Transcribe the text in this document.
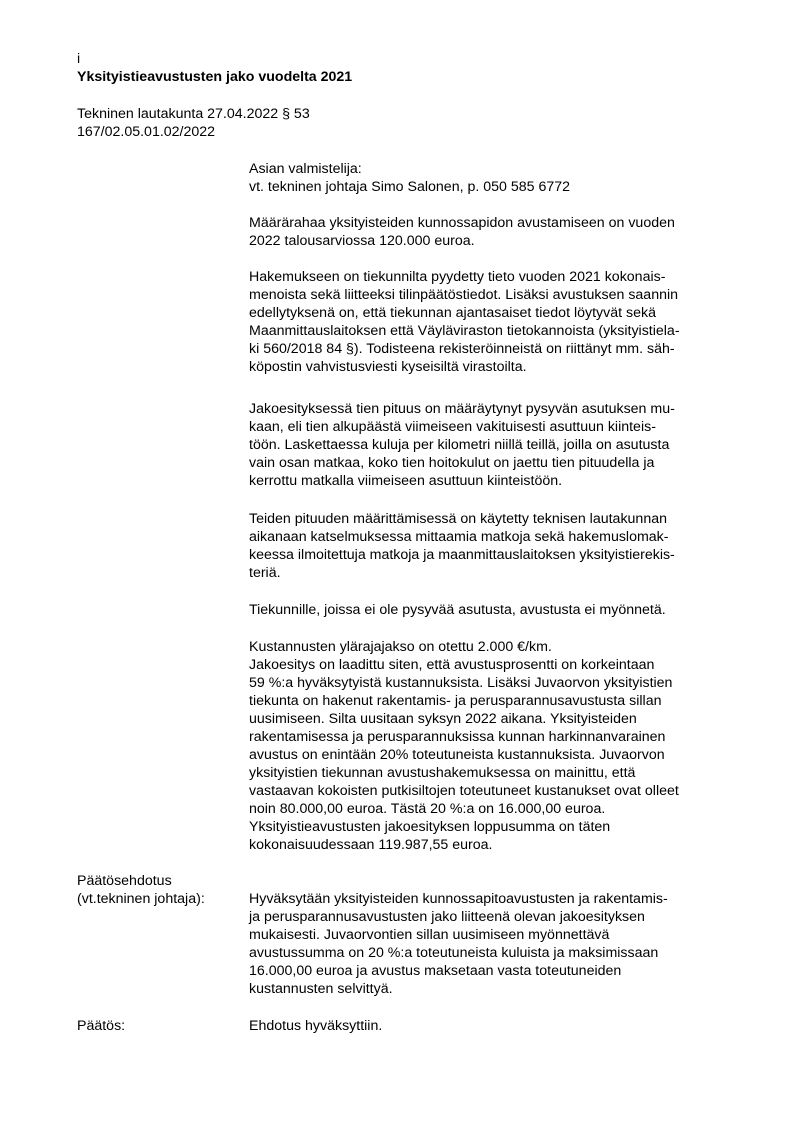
i
Yksityistieavustusten jako vuodelta 2021
Tekninen lautakunta 27.04.2022 § 53
167/02.05.01.02/2022
Asian valmistelija:
vt. tekninen johtaja Simo Salonen, p. 050 585 6772
Määrärahaa yksityisteiden kunnossapidon avustamiseen on vuoden
2022 talousarviossa 120.000 euroa.
Hakemukseen on tiekunnilta pyydetty tieto vuoden 2021 kokonais-
menoista sekä liitteeksi tilinpäätöstiedot. Lisäksi avustuksen saannin
edellytyksenä on, että tiekunnan ajantasaiset tiedot löytyvät sekä
Maanmittauslaitoksen että Väyläviraston tietokannoista (yksityistiela-
ki 560/2018 84 §). Todisteena rekisteröinneistä on riittänyt mm. säh-
köpostin vahvistusviesti kyseisiltä virastoilta.
Jakoesityksessä tien pituus on määräytynyt pysyvän asutuksen mu-
kaan, eli tien alkupäästä viimeiseen vakituisesti asuttuun kiinteis-
töön. Laskettaessa kuluja per kilometri niillä teillä, joilla on asutusta
vain osan matkaa, koko tien hoitokulut on jaettu tien pituudella ja
kerrottu matkalla viimeiseen asuttuun kiinteistöön.
Teiden pituuden määrittämisessä on käytetty teknisen lautakunnan
aikanaan katselmuksessa mittaamia matkoja sekä hakemuslomak-
keessa ilmoitettuja matkoja ja maanmittauslaitoksen yksityistierekis-
teriä.
Tiekunnille, joissa ei ole pysyvää asutusta, avustusta ei myönnetä.
Kustannusten yläraja​jakso on otettu 2.000 €/km.
Jakoesitys on laadittu siten, että avustusprosentti on korkeintaan
59 %:a hyväksytyistä kustannuksista. Lisäksi Juvaorvon yksityistien
tiekunta on hakenut rakentamis- ja perusparannusavustusta sillan
uusimiseen. Silta uusitaan syksyn 2022 aikana. Yksityisteiden
rakentamisessa ja perusparannuksissa kunnan harkinnanvarainen
avustus on enintään 20% toteutuneista kustannuksista. Juvaorvon
yksityistien tiekunnan avustushakemuksessa on mainittu, että
vastaavan kokoisten putkisiltojen toteutuneet kustanukset ovat olleet
noin 80.000,00 euroa. Tästä 20 %:a on 16.000,00 euroa.
Yksityistieavustusten jakoesityksen loppusumma on täten
kokonaisuudessaan 119.987,55 euroa.
Päätösehdotus
(vt.tekninen johtaja):	Hyväksytään yksityisteiden kunnossapitoavustusten ja rakentamis-
ja perusparannusavustusten jako liitteenä olevan jakoesityksen
mukaisesti. Juvaorvontien sillan uusimiseen myönnettävä
avustussumma on 20 %:a toteutuneista kuluista ja maksimissaan
16.000,00 euroa ja avustus maksetaan vasta toteutuneiden
kustannusten selvittyä.
Päätös:	Ehdotus hyväksyttiin.
